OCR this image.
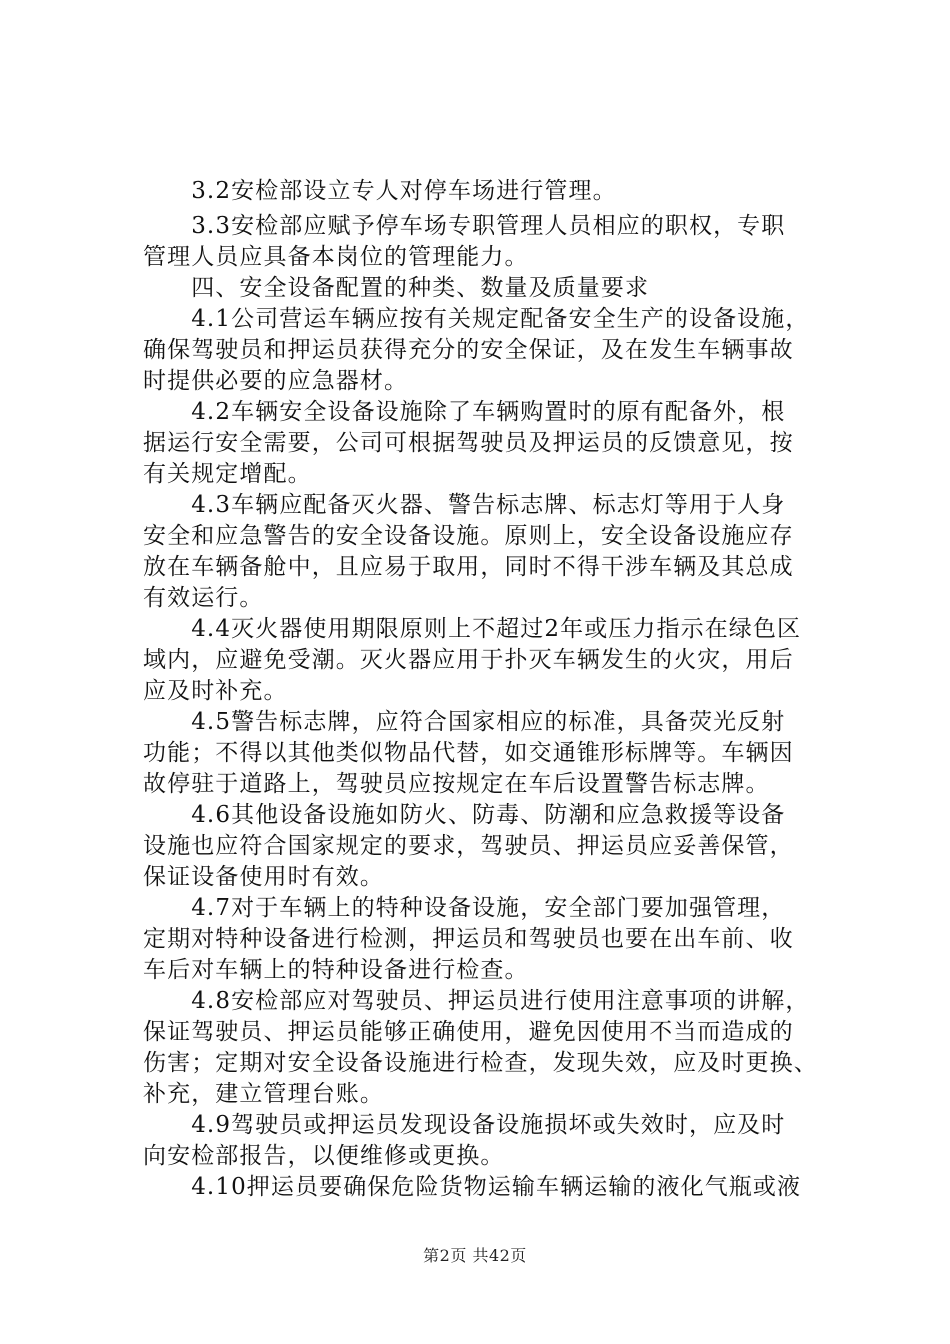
　　3.2安检部设立专人对停车场进行管理。

　　3.3安检部应赋予停车场专职管理人员相应的职权，专职
管理人员应具备本岗位的管理能力。

　　四、安全设备配置的种类、数量及质量要求

　　4.1公司营运车辆应按有关规定配备安全生产的设备设施，
确保驾驶员和押运员获得充分的安全保证，及在发生车辆事故
时提供必要的应急器材。

　　4.2车辆安全设备设施除了车辆购置时的原有配备外，根
据运行安全需要，公司可根据驾驶员及押运员的反馈意见，按
有关规定增配。

　　4.3车辆应配备灭火器、警告标志牌、标志灯等用于人身
安全和应急警告的安全设备设施。原则上，安全设备设施应存
放在车辆备舱中，且应易于取用，同时不得干涉车辆及其总成
有效运行。

　　4.4灭火器使用期限原则上不超过2年或压力指示在绿色区
域内，应避免受潮。灭火器应用于扑灭车辆发生的火灾，用后
应及时补充。

　　4.5警告标志牌，应符合国家相应的标准，具备荧光反射
功能；不得以其他类似物品代替，如交通锥形标牌等。车辆因
故停驻于道路上，驾驶员应按规定在车后设置警告标志牌。

　　4.6其他设备设施如防火、防毒、防潮和应急救援等设备
设施也应符合国家规定的要求，驾驶员、押运员应妥善保管，
保证设备使用时有效。

　　4.7对于车辆上的特种设备设施，安全部门要加强管理，
定期对特种设备进行检测，押运员和驾驶员也要在出车前、收
车后对车辆上的特种设备进行检查。

　　4.8安检部应对驾驶员、押运员进行使用注意事项的讲解，
保证驾驶员、押运员能够正确使用，避免因使用不当而造成的
伤害；定期对安全设备设施进行检查，发现失效，应及时更换、
补充，建立管理台账。

　　4.9驾驶员或押运员发现设备设施损坏或失效时，应及时
向安检部报告，以便维修或更换。

　　4.10押运员要确保危险货物运输车辆运输的液化气瓶或液

第2页 共42页
